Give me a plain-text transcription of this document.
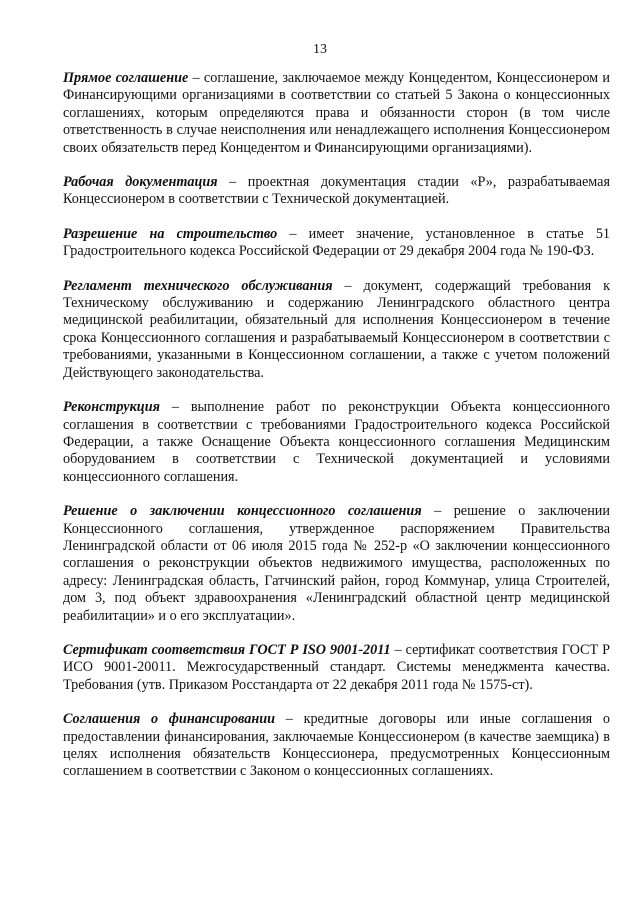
13

Прямое соглашение – соглашение, заключаемое между Концедентом, Концессионером и Финансирующими организациями в соответствии со статьей 5 Закона о концессионных соглашениях, которым определяются права и обязанности сторон (в том числе ответственность в случае неисполнения или ненадлежащего исполнения Концессионером своих обязательств перед Концедентом и Финансирующими организациями).

Рабочая документация – проектная документация стадии «Р», разрабатываемая Концессионером в соответствии с Технической документацией.

Разрешение на строительство – имеет значение, установленное в статье 51 Градостроительного кодекса Российской Федерации от 29 декабря 2004 года № 190-ФЗ.

Регламент технического обслуживания – документ, содержащий требования к Техническому обслуживанию и содержанию Ленинградского областного центра медицинской реабилитации, обязательный для исполнения Концессионером в течение срока Концессионного соглашения и разрабатываемый Концессионером в соответствии с требованиями, указанными в Концессионном соглашении, а также с учетом положений Действующего законодательства.

Реконструкция – выполнение работ по реконструкции Объекта концессионного соглашения в соответствии с требованиями Градостроительного кодекса Российской Федерации, а также Оснащение Объекта концессионного соглашения Медицинским оборудованием в соответствии с Технической документацией и условиями концессионного соглашения.

Решение о заключении концессионного соглашения – решение о заключении Концессионного соглашения, утвержденное распоряжением Правительства Ленинградской области от 06 июля 2015 года № 252-р «О заключении концессионного соглашения о реконструкции объектов недвижимого имущества, расположенных по адресу: Ленинградская область, Гатчинский район, город Коммунар, улица Строителей, дом 3, под объект здравоохранения «Ленинградский областной центр медицинской реабилитации» и о его эксплуатации».

Сертификат соответствия ГОСТ Р ISO 9001-2011 – сертификат соответствия ГОСТ Р ИСО 9001-20011. Межгосударственный стандарт. Системы менеджмента качества. Требования (утв. Приказом Росстандарта от 22 декабря 2011 года № 1575-ст).

Соглашения о финансировании – кредитные договоры или иные соглашения о предоставлении финансирования, заключаемые Концессионером (в качестве заемщика) в целях исполнения обязательств Концессионера, предусмотренных Концессионным соглашением в соответствии с Законом о концессионных соглашениях.
